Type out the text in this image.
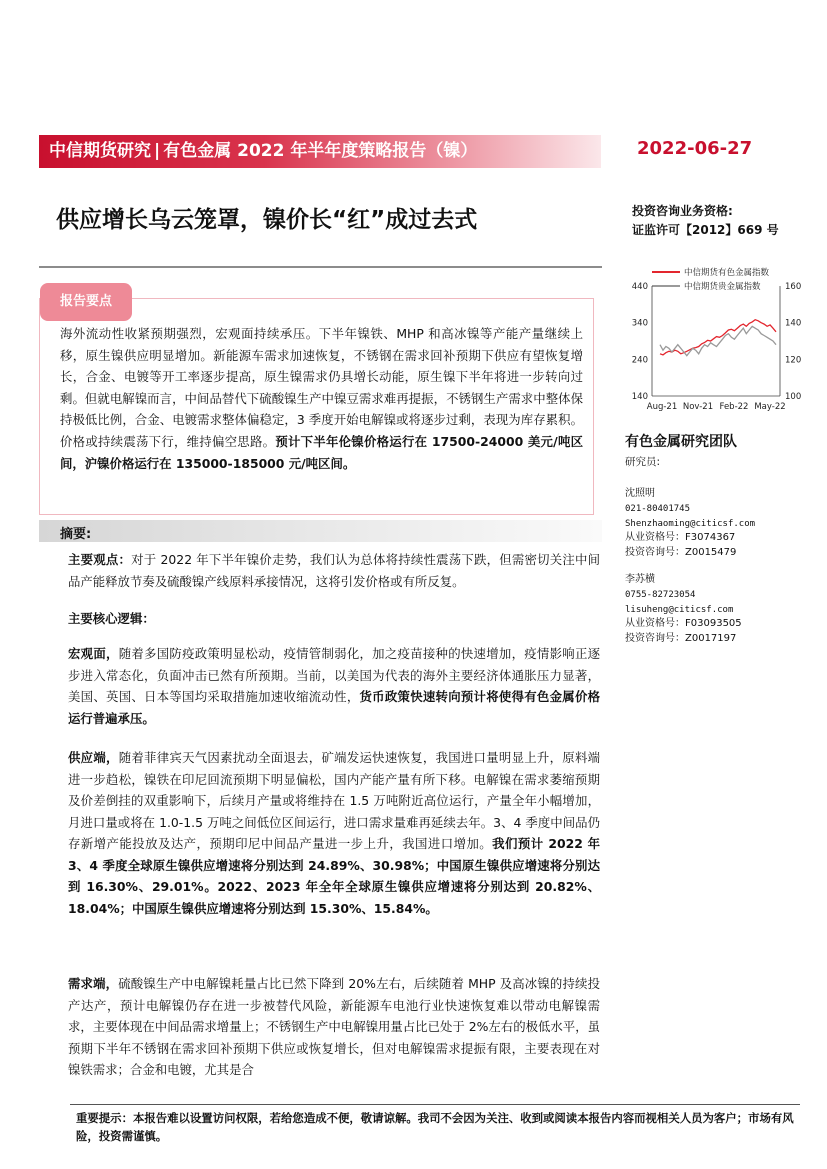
中信期货研究 | 有色金属 2022 年半年度策略报告（镍）	2022-06-27
供应增长乌云笼罩，镍价长“红”成过去式	投资咨询业务资格:
证监许可【2012】669 号
报告要点
海外流动性收紧预期强烈，宏观面持续承压。下半年镍铁、MHP 和高冰镍等产能产量继续上移，原生镍供应明显增加。新能源车需求加速恢复，不锈钢在需求回补预期下供应有望恢复增长，合金、电镀等开工率逐步提高，原生镍需求仍具增长动能，原生镍下半年将进一步转向过剩。但就电解镍而言，中间品替代下硫酸镍生产中镍豆需求难再提振，不锈钢生产需求中整体保持极低比例，合金、电镀需求整体偏稳定，3 季度开始电解镍或将逐步过剩，表现为库存累积。价格或持续震荡下行，维持偏空思路。预计下半年伦镍价格运行在 17500-24000 美元/吨区间，沪镍价格运行在 135000-185000 元/吨区间。
摘要:
主要观点：对于 2022 年下半年镍价走势，我们认为总体将持续性震荡下跌，但需密切关注中间品产能释放节奏及硫酸镍产线原料承接情况，这将引发价格或有所反复。
主要核心逻辑：
宏观面，随着多国防疫政策明显松动，疫情管制弱化，加之疫苗接种的快速增加，疫情影响正逐步进入常态化，负面冲击已然有所预期。当前，以美国为代表的海外主要经济体通胀压力显著，美国、英国、日本等国均采取措施加速收缩流动性，货币政策快速转向预计将使得有色金属价格运行普遍承压。
供应端，随着菲律宾天气因素扰动全面退去，矿端发运快速恢复，我国进口量明显上升，原料端进一步趋松，镍铁在印尼回流预期下明显偏松，国内产能产量有所下移。电解镍在需求萎缩预期及价差倒挂的双重影响下，后续月产量或将维持在 1.5 万吨附近高位运行，产量全年小幅增加，月进口量或将在 1.0-1.5 万吨之间低位区间运行，进口需求量难再延续去年。3、4 季度中间品仍存新增产能投放及达产，预期印尼中间品产量进一步上升，我国进口增加。我们预计 2022 年 3、4 季度全球原生镍供应增速将分别达到 24.89%、30.98%；中国原生镍供应增速将分别达到 16.30%、29.01%。2022、2023 年全年全球原生镍供应增速将分别达到 20.82%、18.04%；中国原生镍供应增速将分别达到 15.30%、15.84%。
需求端，硫酸镍生产中电解镍耗量占比已然下降到 20%左右，后续随着 MHP 及高冰镍的持续投产达产，预计电解镍仍存在进一步被替代风险，新能源车电池行业快速恢复难以带动电解镍需求，主要体现在中间品需求增量上；不锈钢生产中电解镍用量占比已处于 2%左右的极低水平，虽预期下半年不锈钢在需求回补预期下供应或恢复增长，但对电解镍需求提振有限，主要表现在对镍铁需求；合金和电镀，尤其是合
中信期货有色金属指数
中信期货贵金属指数
140
240
340
440
100
120
140
160
Aug-21 Nov-21 Feb-22 May-22
有色金属研究团队
研究员:
沈照明
021-80401745
Shenzhaoming@citicsf.com
从业资格号：F3074367
投资咨询号：Z0015479
李苏横
0755-82723054
lisuheng@citicsf.com
从业资格号：F03093505
投资咨询号：Z0017197
重要提示：本报告难以设置访问权限，若给您造成不便，敬请谅解。我司不会因为关注、收到或阅读本报告内容而视相关人员为客户；市场有风险，投资需谨慎。
